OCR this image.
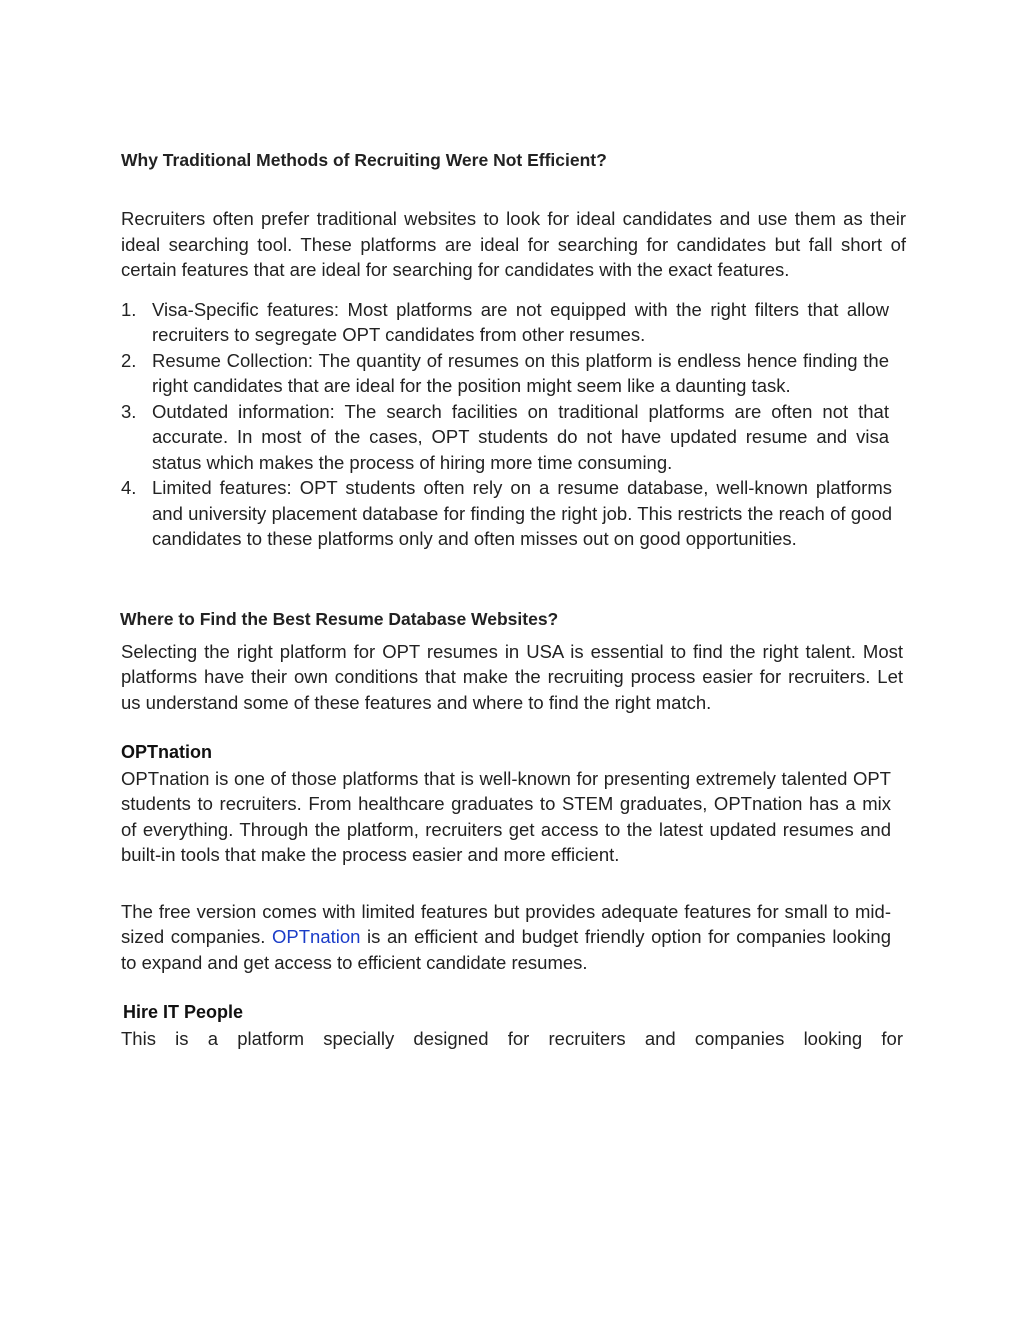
Why Traditional Methods of Recruiting Were Not Efficient?

Recruiters often prefer traditional websites to look for ideal candidates and use them as their ideal searching tool. These platforms are ideal for searching for candidates but fall short of certain features that are ideal for searching for candidates with the exact features.

1. Visa-Specific features: Most platforms are not equipped with the right filters that allow recruiters to segregate OPT candidates from other resumes.
2. Resume Collection: The quantity of resumes on this platform is endless hence finding the right candidates that are ideal for the position might seem like a daunting task.
3. Outdated information: The search facilities on traditional platforms are often not that accurate. In most of the cases, OPT students do not have updated resume and visa status which makes the process of hiring more time consuming.
4. Limited features: OPT students often rely on a resume database, well-known platforms and university placement database for finding the right job. This restricts the reach of good candidates to these platforms only and often misses out on good opportunities.
Where to Find the Best Resume Database Websites?

Selecting the right platform for OPT resumes in USA is essential to find the right talent. Most platforms have their own conditions that make the recruiting process easier for recruiters. Let us understand some of these features and where to find the right match.

OPTnation

OPTnation is one of those platforms that is well-known for presenting extremely talented OPT students to recruiters. From healthcare graduates to STEM graduates, OPTnation has a mix of everything. Through the platform, recruiters get access to the latest updated resumes and built-in tools that make the process easier and more efficient.

The free version comes with limited features but provides adequate features for small to mid-sized companies. OPTnation is an efficient and budget friendly option for companies looking to expand and get access to efficient candidate resumes.

Hire IT People

This is a platform specially designed for recruiters and companies looking for
